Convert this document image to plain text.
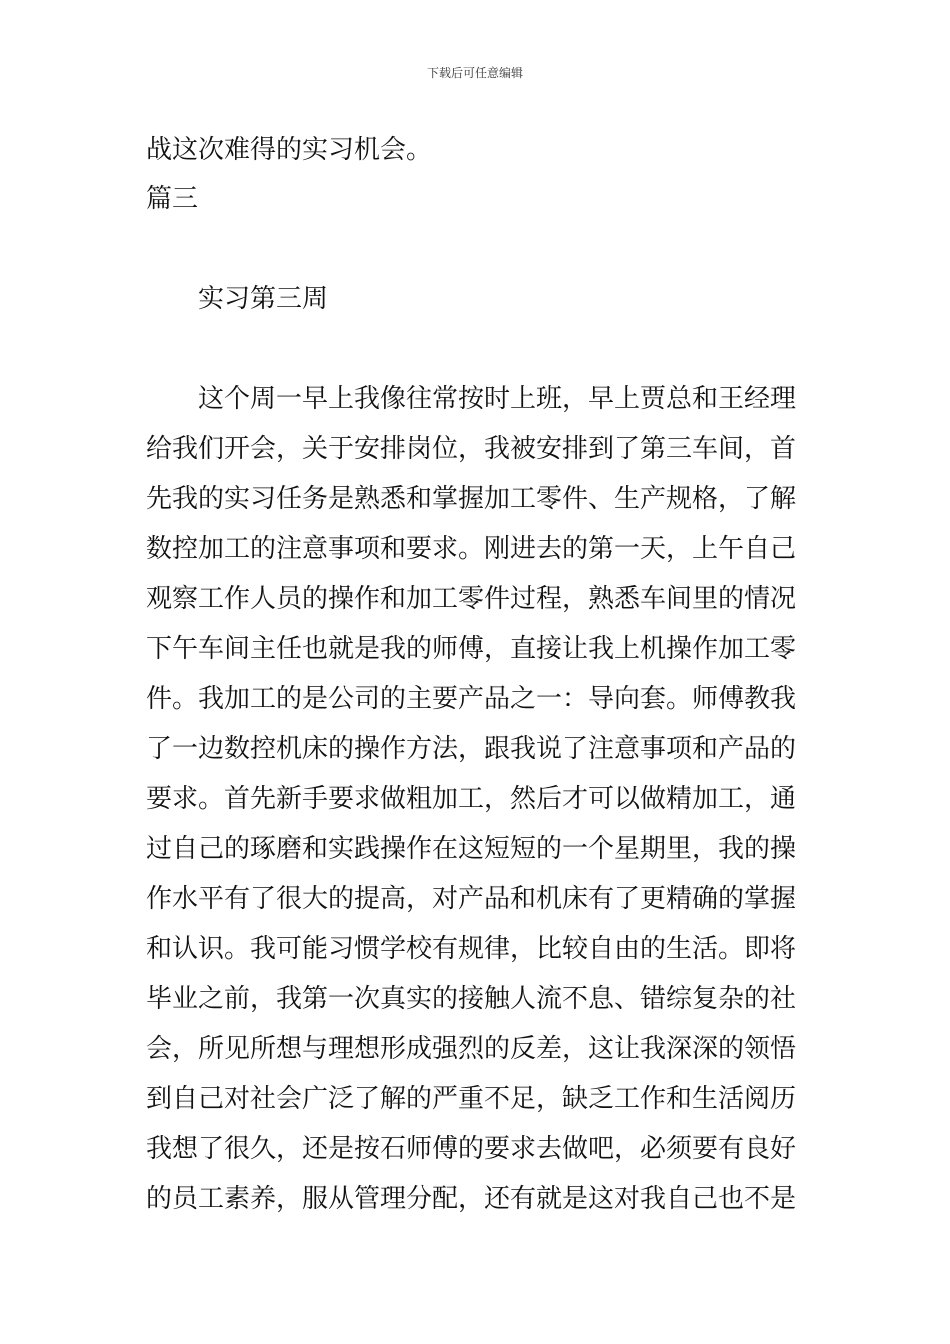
下载后可任意编辑
战这次难得的实习机会。
篇三
实习第三周
这个周一早上我像往常按时上班，早上贾总和王经理
给我们开会，关于安排岗位，我被安排到了第三车间，首
先我的实习任务是熟悉和掌握加工零件、生产规格，了解
数控加工的注意事项和要求。刚进去的第一天，上午自己
观察工作人员的操作和加工零件过程，熟悉车间里的情况
下午车间主任也就是我的师傅，直接让我上机操作加工零
件。我加工的是公司的主要产品之一：导向套。师傅教我
了一边数控机床的操作方法，跟我说了注意事项和产品的
要求。首先新手要求做粗加工，然后才可以做精加工，通
过自己的琢磨和实践操作在这短短的一个星期里，我的操
作水平有了很大的提高，对产品和机床有了更精确的掌握
和认识。我可能习惯学校有规律，比较自由的生活。即将
毕业之前，我第一次真实的接触人流不息、错综复杂的社
会，所见所想与理想形成强烈的反差，这让我深深的领悟
到自己对社会广泛了解的严重不足，缺乏工作和生活阅历
我想了很久，还是按石师傅的要求去做吧，必须要有良好
的员工素养，服从管理分配，还有就是这对我自己也不是
